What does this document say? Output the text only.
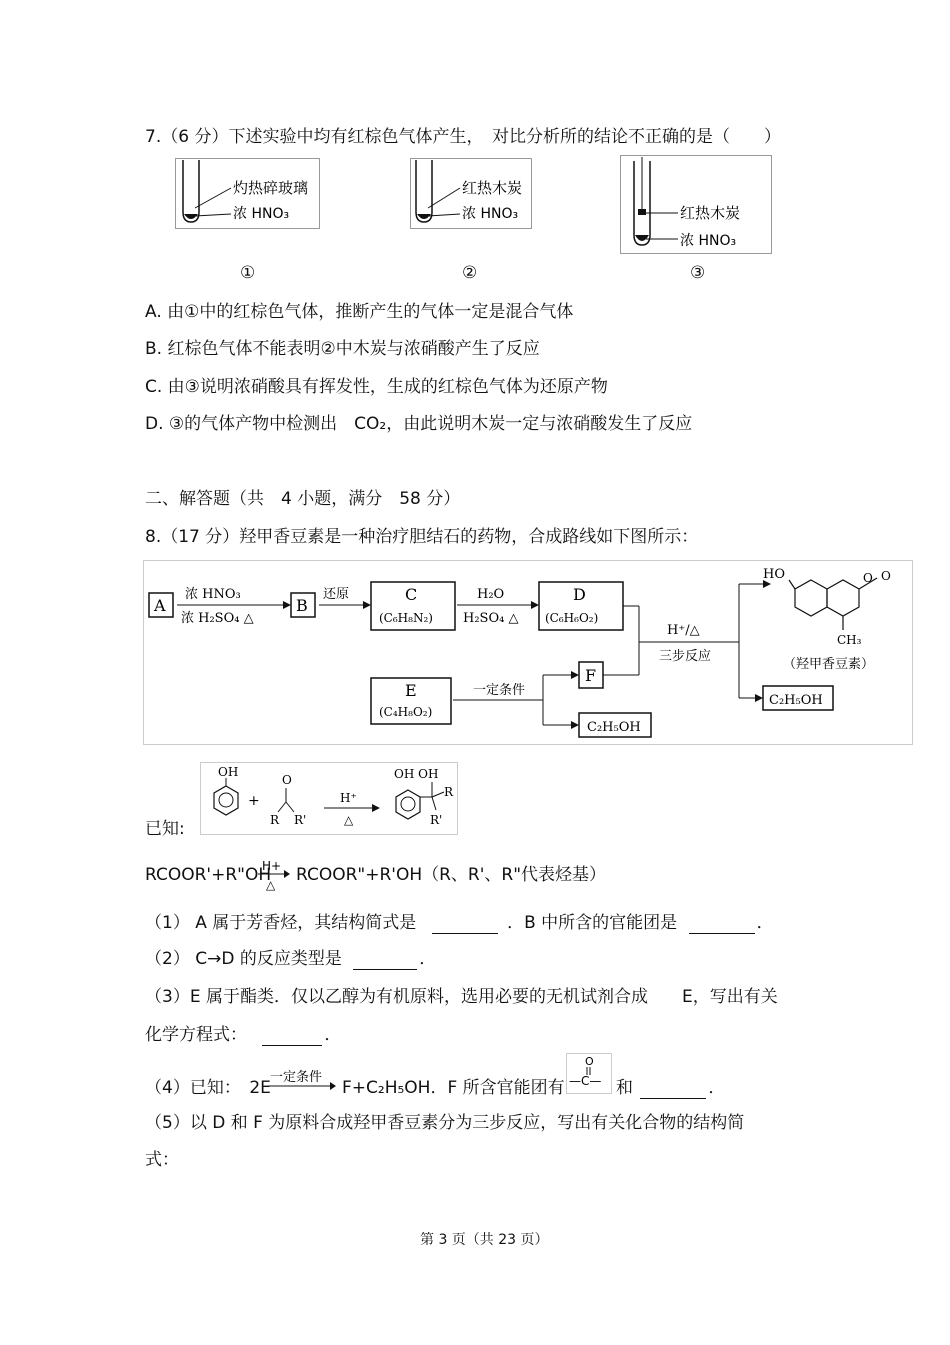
7.（6 分）下述实验中均有红棕色气体产生，　对比分析所的结论不正确的是（　　）
灼热碎玻璃
浓 HNO₃
红热木炭
浓 HNO₃	红热木炭
浓 HNO₃
①	②	③
A. 由①中的红棕色气体，推断产生的气体一定是混合气体
B. 红棕色气体不能表明②中木炭与浓硝酸产生了反应
C. 由③说明浓硝酸具有挥发性，生成的红棕色气体为还原产物
D. ③的气体产物中检测出　CO₂，由此说明木炭一定与浓硝酸发生了反应
二、解答题（共　4 小题，满分　58 分）
8.（17 分）羟甲香豆素是一种治疗胆结石的药物，合成路线如下图所示：
A
浓 HNO₃
浓 H₂SO₄ △
B
还原	C
(C₆H₈N₂)
H₂O
H₂SO₄ △
D
(C₆H₆O₂)
H⁺/△
三步反应
HO	O O
CH₃
（羟甲香豆素）
C₂H₅OH
E
(C₄H₈O₂)
一定条件
F
C₂H₅OH
已知:
OH
+
O
R R'
H⁺
△
OH OH
R
R'
RCOOR'+R"OH
H+
△ RCOOR"+R'OH（R、R'、R"代表烃基）
（1） A 属于芳香烃，其结构简式是	．B 中所含的官能团是	．
（2） C→D 的反应类型是	．
（3）E 属于酯类．仅以乙醇为有机原料，选用必要的无机试剂合成　　E，写出有关
化学方程式：	．
（4）已知：　2E
一定条件
F+C₂H₅OH．F 所含官能团有
O
—C— 和	．
（5）以 D 和 F 为原料合成羟甲香豆素分为三步反应，写出有关化合物的结构简
式：
第 3 页（共 23 页）
